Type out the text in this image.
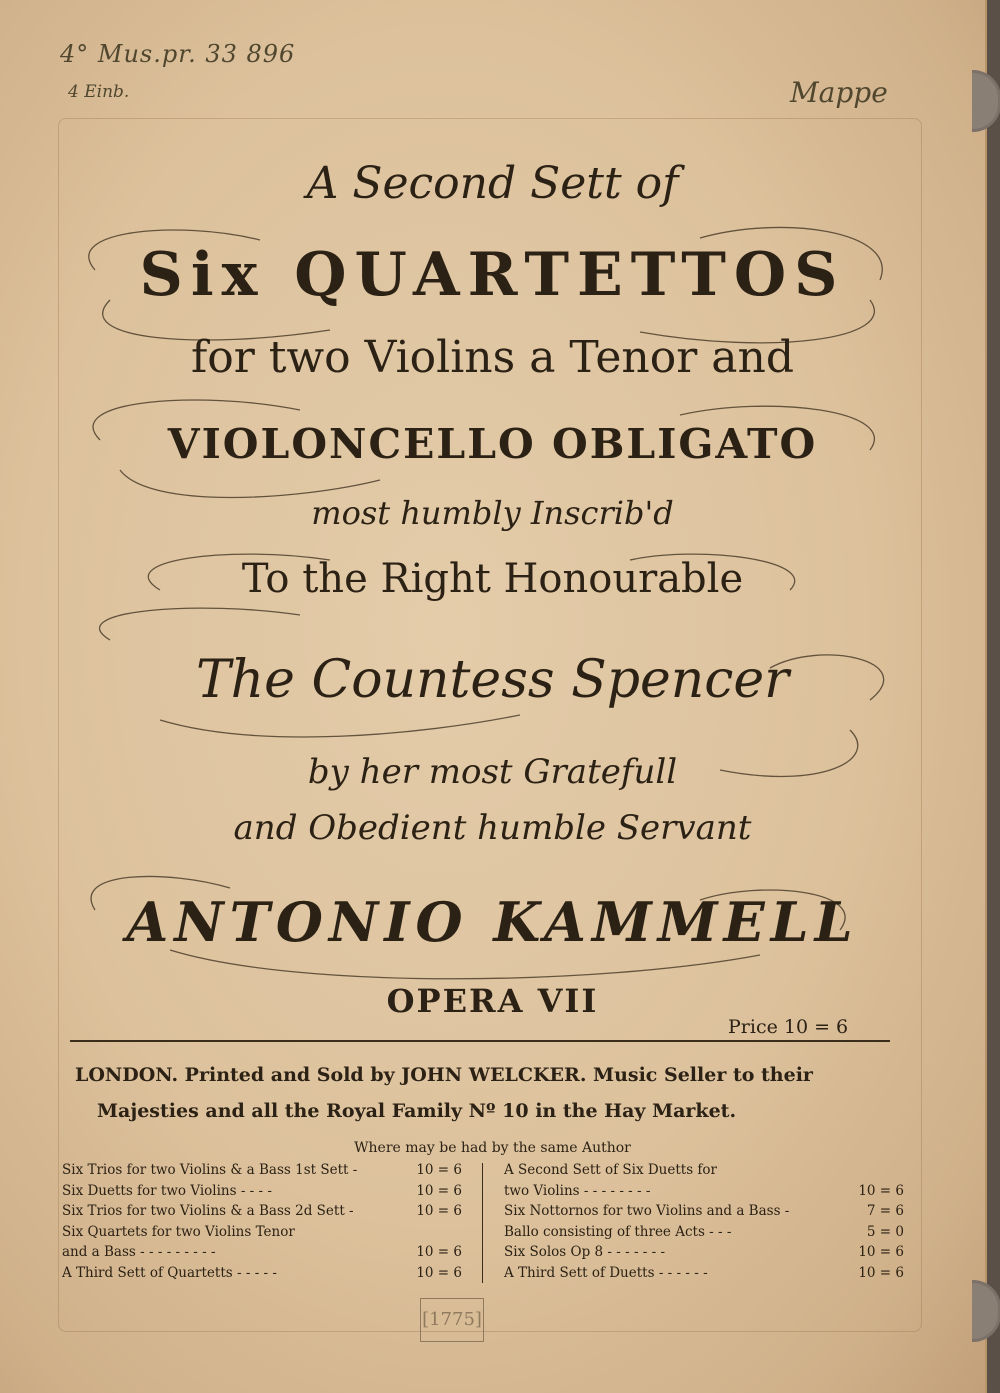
4° Mus.pr. 33 896
4 Einb.	Mappe
A Second Sett of
Six QUARTETTOS
for two Violins a Tenor and
VIOLONCELLO OBLIGATO
most humbly Inscrib'd
To the Right Honourable
The Countess Spencer
by her most Gratefull
and Obedient humble Servant
ANTONIO KAMMELL
OPERA VII
Price 10 = 6
LONDON. Printed and Sold by JOHN WELCKER. Music Seller to their
Majesties and all the Royal Family Nº 10 in the Hay Market.
Where may be had by the same Author
Six Trios for two Violins & a Bass 1st Sett -	10 = 6
Six Duetts for two Violins - - - -	10 = 6
Six Trios for two Violins & a Bass 2d Sett -	10 = 6
Six Quartets for two Violins Tenor
and a Bass - - - - - - - - -	10 = 6
A Third Sett of Quartetts - - - - -	10 = 6
A Second Sett of Six Duetts for
two Violins - - - - - - - -	10 = 6
Six Nottornos for two Violins and a Bass -	7 = 6
Ballo consisting of three Acts - - -	5 = 0
Six Solos Op 8 - - - - - - -	10 = 6
A Third Sett of Duetts - - - - - -	10 = 6
[1775]
